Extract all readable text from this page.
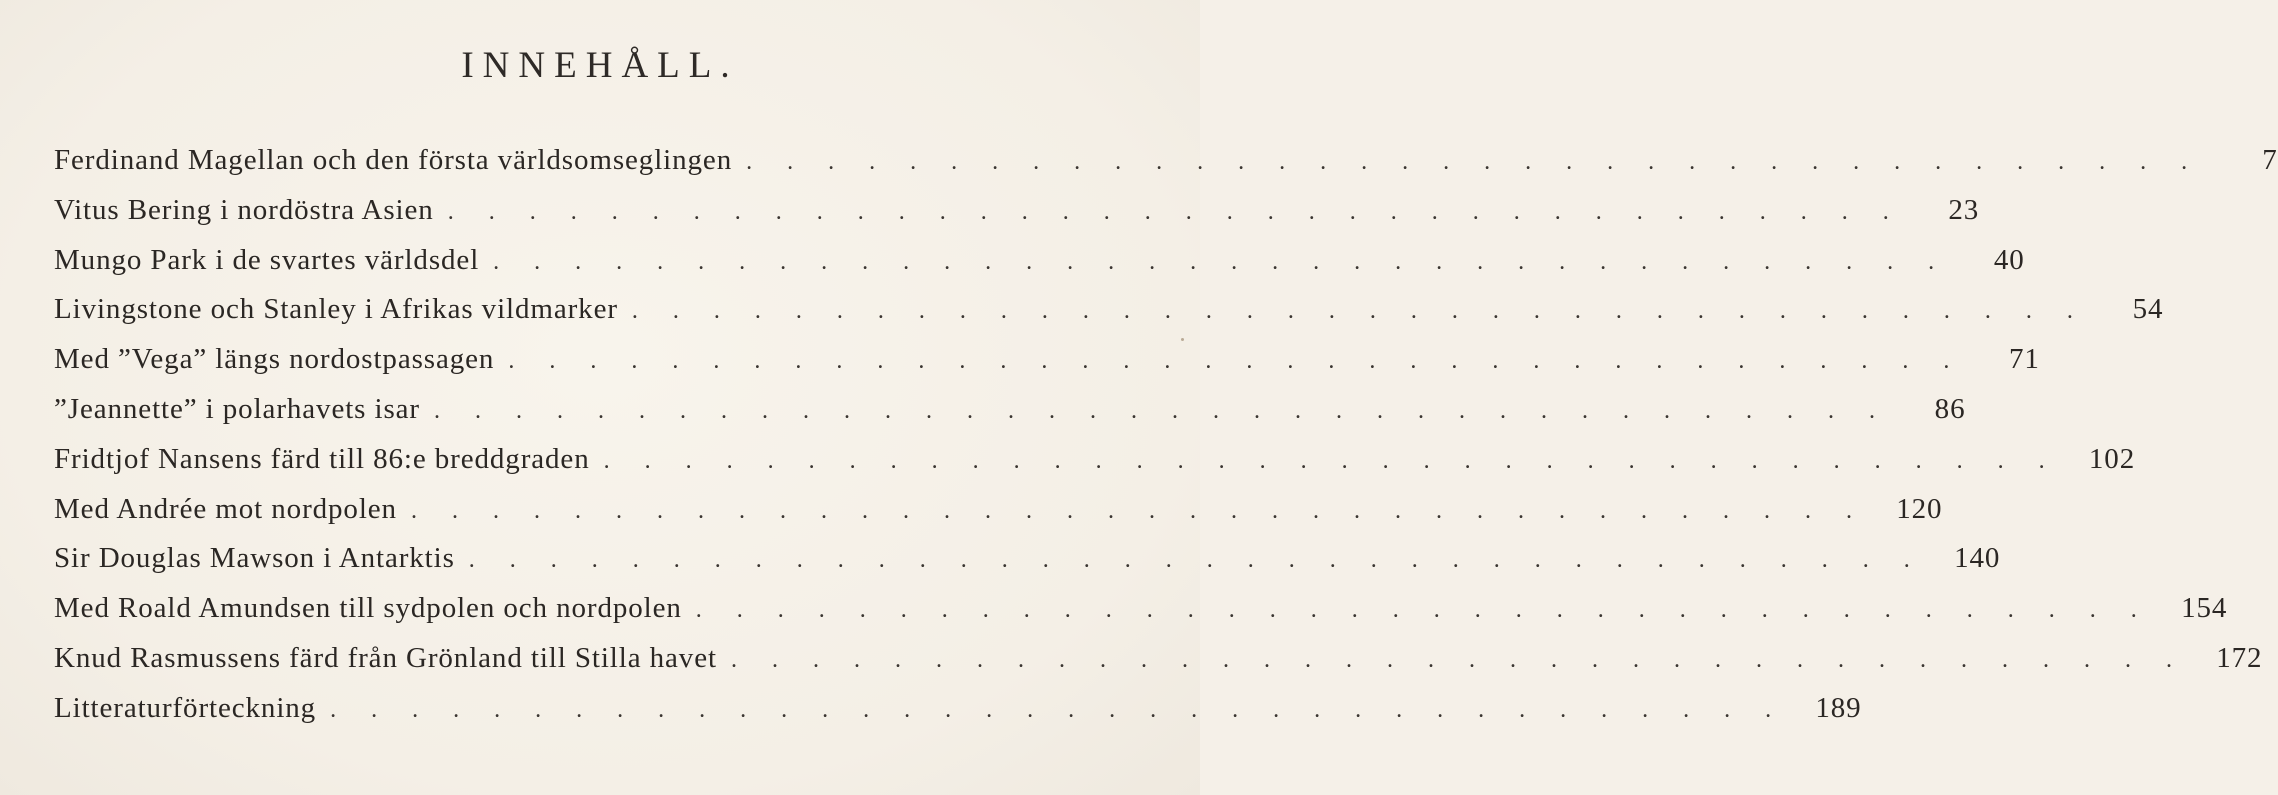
INNEHÅLL.
Ferdinand Magellan och den första världsomseglingen . . . . . . . . . . . . . . . . . . . . . . . . . . . . . . . . . . . .	7
Vitus Bering i nordöstra Asien . . . . . . . . . . . . . . . . . . . . . . . . . . . . . . . . . . . .	23
Mungo Park i de svartes världsdel . . . . . . . . . . . . . . . . . . . . . . . . . . . . . . . . . . . .	40
Livingstone och Stanley i Afrikas vildmarker . . . . . . . . . . . . . . . . . . . . . . . . . . . . . . . . . . . .	54
Med ”Vega” längs nordostpassagen . . . . . . . . . . . . . . . . . . . . . . . . . . . . . . . . . . . .	71
”Jeannette” i polarhavets isar . . . . . . . . . . . . . . . . . . . . . . . . . . . . . . . . . . . .	86
Fridtjof Nansens färd till 86:e breddgraden . . . . . . . . . . . . . . . . . . . . . . . . . . . . . . . . . . . .	102
Med Andrée mot nordpolen . . . . . . . . . . . . . . . . . . . . . . . . . . . . . . . . . . . .	120
Sir Douglas Mawson i Antarktis . . . . . . . . . . . . . . . . . . . . . . . . . . . . . . . . . . . .	140
Med Roald Amundsen till sydpolen och nordpolen . . . . . . . . . . . . . . . . . . . . . . . . . . . . . . . . . . . .	154
Knud Rasmussens färd från Grönland till Stilla havet . . . . . . . . . . . . . . . . . . . . . . . . . . . . . . . . . . . .	172
Litteraturförteckning . . . . . . . . . . . . . . . . . . . . . . . . . . . . . . . . . . . .	189
